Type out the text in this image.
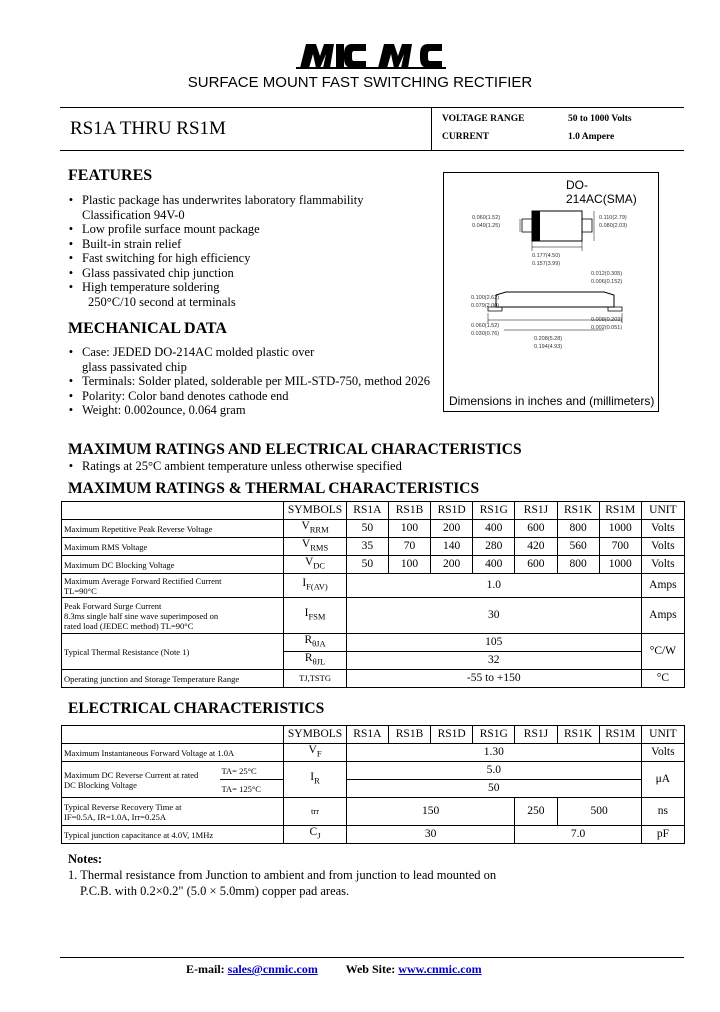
MIC MIC
SURFACE MOUNT FAST SWITCHING RECTIFIER
RS1A THRU RS1M	VOLTAGE RANGE	50 to 1000 Volts
CURRENT	1.0 Ampere
FEATURES
• Plastic package has underwrites laboratory flammability
Classification 94V-0
• Low profile surface mount package
• Built-in strain relief
• Fast switching for high efficiency
• Glass passivated chip junction
• High temperature soldering
250°C/10 second at terminals
MECHANICAL DATA
• Case: JEDED DO-214AC molded plastic over
glass passivated chip
• Terminals: Solder plated, solderable per MIL-STD-750, method 2026
• Polarity: Color band denotes cathode end
• Weight: 0.002ounce, 0.064 gram
DO-214AC(SMA)
0.060(1.52)	0.110(2.79)
0.049(1.25)	0.080(2.03)
0.177(4.50)
0.157(3.99)
0.012(0.305)
0.006(0.152)
0.100(2.62)
0.079(2.00)
0.060(1.52)
0.030(0.76)
0.008(0.203)
0.002(0.051)
0.208(5.28)
0.194(4.93)
Dimensions in inches and (millimeters)
MAXIMUM RATINGS AND ELECTRICAL CHARACTERISTICS
• Ratings at 25°C ambient temperature unless otherwise specified
MAXIMUM RATINGS & THERMAL CHARACTERISTICS
	SYMBOLS	RS1A	RS1B	RS1D	RS1G	RS1J	RS1K	RS1M	UNIT
Maximum Repetitive Peak Reverse Voltage	$V_{RRM}$	50	100	200	400	600	800	1000	Volts
Maximum RMS Voltage	$V_{RMS}$	35	70	140	280	420	560	700	Volts
Maximum DC Blocking Voltage	$V_{DC}$	50	100	200	400	600	800	1000	Volts

Maximum Average Forward Rectified Current
TL=90°C	$I_{F(AV)}$	1.0							Amps

Peak Forward Surge Current
8.3ms single half sine wave superimposed on
rated load (JEDEC method) TL=90°C	$I_{FSM}$	30							Amps
Typical Thermal Resistance (Note 1)	$R_{\theta JA}$	105							°C/W
	$R_{\theta JL}$	32							
Operating junction and Storage Temperature Range	TJ,TSTG	-55 to +150							°C
ELECTRICAL CHARACTERISTICS
		SYMBOLS	RS1A	RS1B	RS1D	RS1G	RS1J	RS1K	RS1M	UNIT
Maximum Instantaneous Forward Voltage at 1.0A		$V_F$	1.30							Volts

Maximum DC Reverse Current at rated
DC Blocking Voltage	TA= 25°C	$I_R$	5.0							μA
	TA= 125°C		50							

Typical Reverse Recovery Time at
IF=0.5A, IR=1.0A, Irr=0.25A		trr	150				250	500		ns
Typical junction capacitance at 4.0V, 1MHz		$C_J$	30				7.0			pF
Notes:
1. Thermal resistance from Junction to ambient and from junction to lead mounted on
P.C.B. with 0.2×0.2" (5.0 × 5.0mm) copper pad areas.
E-mail: sales@cnmic.com Web Site: www.cnmic.com
